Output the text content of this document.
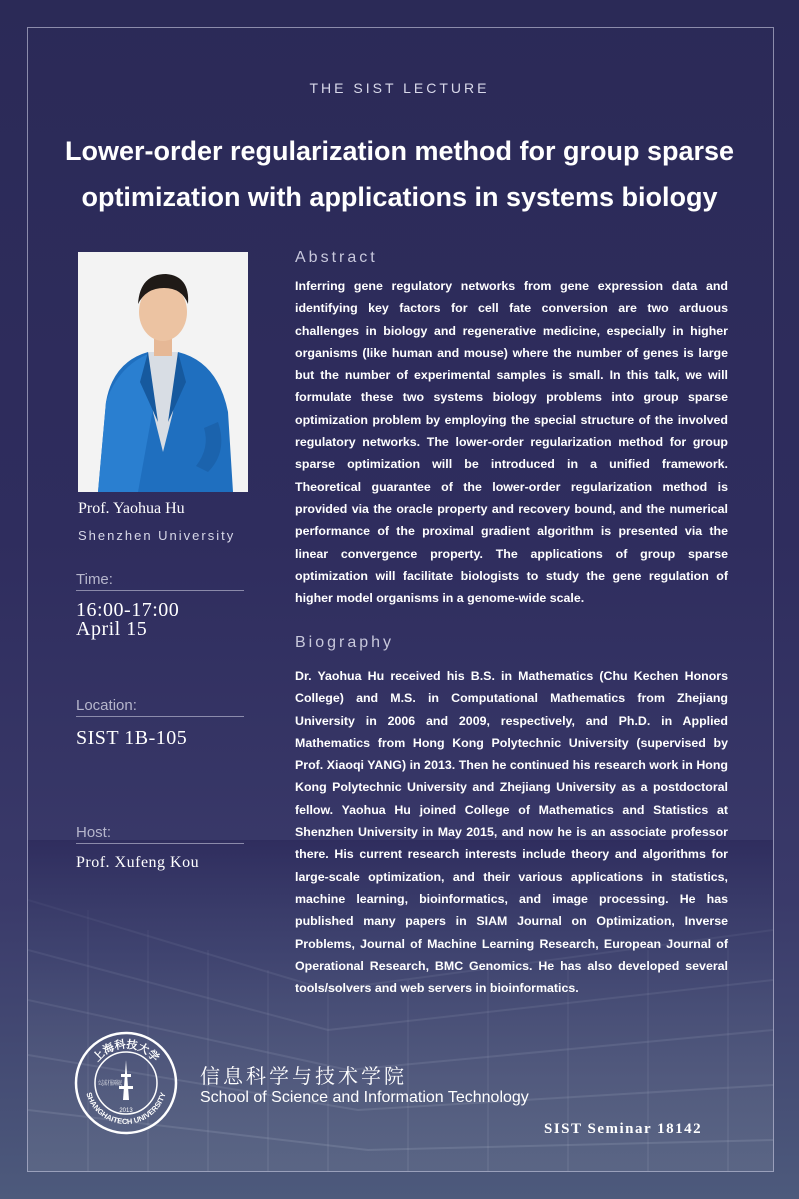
THE SIST LECTURE
Lower-order regularization method for group sparse
optimization with applications in systems biology
Prof. Yaohua Hu
Shenzhen University
Time:
16:00-17:00
April 15
Location:
SIST 1B-105
Host:
Prof. Xufeng Kou
Abstract

Inferring gene regulatory networks from gene expression data and identifying key factors for cell fate conversion are two arduous challenges in biology and regenerative medicine, especially in higher organisms (like human and mouse) where the number of genes is large but the number of experimental samples is small. In this talk, we will formulate these two systems biology problems into group sparse optimization problem by employing the special structure of the involved regulatory networks. The lower-order regularization method for group sparse optimization will be introduced in a unified framework. Theoretical guarantee of the lower-order regularization method is provided via the oracle property and recovery bound, and the numerical performance of the proximal gradient algorithm is presented via the linear convergence property. The applications of group sparse optimization will facilitate biologists to study the gene regulation of higher model organisms in a genome-wide scale.

Biography

Dr. Yaohua Hu received his B.S. in Mathematics (Chu Kechen Honors College) and M.S. in Computational Mathematics from Zhejiang University in 2006 and 2009, respectively, and Ph.D. in Applied Mathematics from Hong Kong Polytechnic University (supervised by Prof. Xiaoqi YANG) in 2013. Then he continued his research work in Hong Kong Polytechnic University and Zhejiang University as a postdoctoral fellow. Yaohua Hu joined College of Mathematics and Statistics at Shenzhen University in May 2015, and now he is an associate professor there. His current research interests include theory and algorithms for large-scale optimization, and their various applications in statistics, machine learning, bioinformatics, and image processing. He has published many papers in SIAM Journal on Optimization, Inverse Problems, Journal of Machine Learning Research, European Journal of Operational Research, BMC Genomics. He has also developed several tools/solvers and web servers in bioinformatics.

上海科技大学
SHANGHAITECH UNIVERSITY
立志成才报国裕民
2013
信息科学与技术学院
School of Science and Information Technology
SIST Seminar 18142
